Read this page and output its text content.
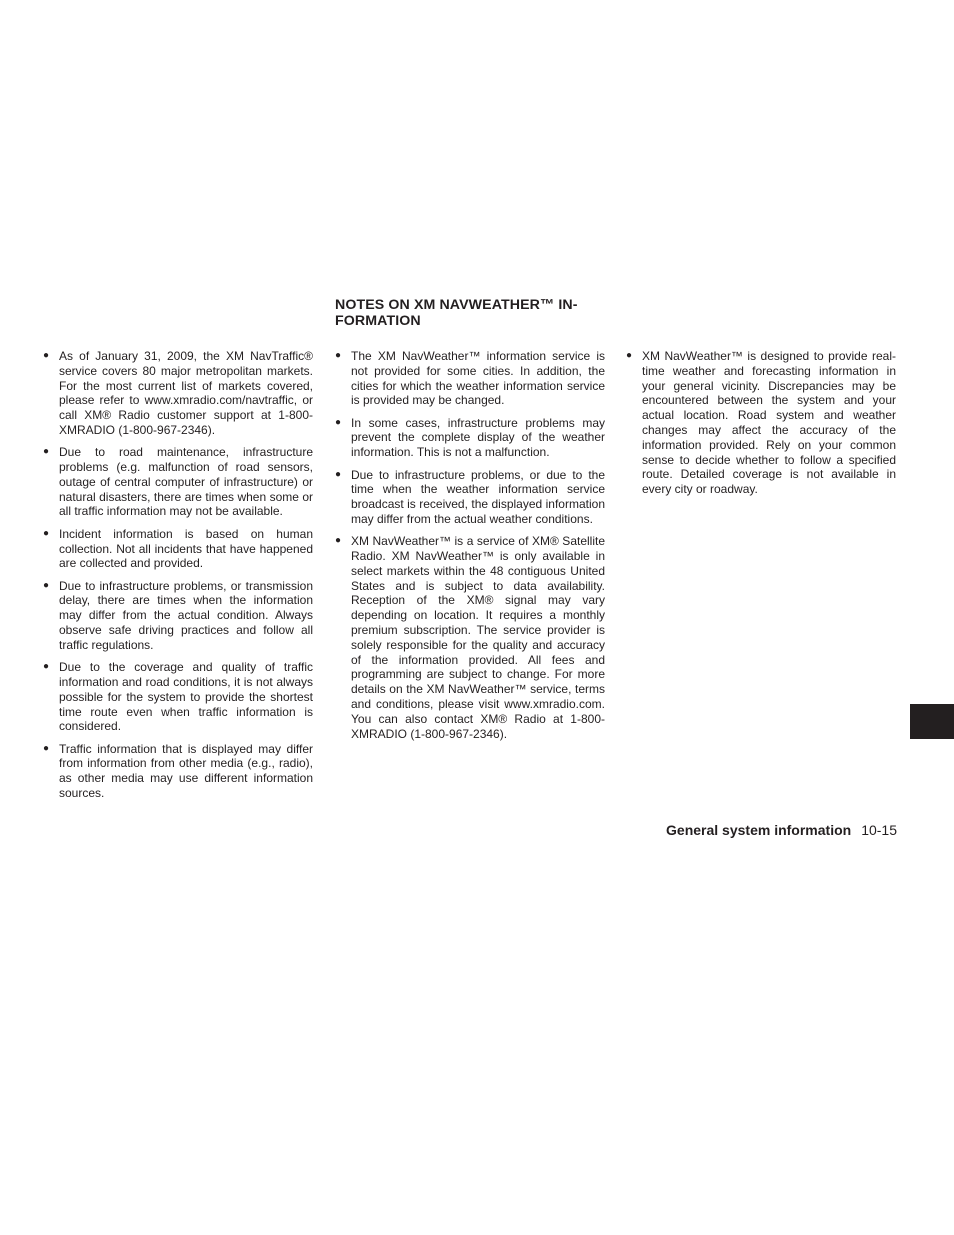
NOTES ON XM NAVWEATHER™ IN-
FORMATION
● As of January 31, 2009, the XM NavTraffic® service covers 80 major metropolitan markets. For the most current list of markets covered, please refer to www.xmradio.com/navtraffic, or call XM® Radio customer support at 1-800-XMRADIO (1-800-967-2346).
● Due to road maintenance, infrastructure problems (e.g. malfunction of road sensors, outage of central computer of infrastructure) or natural disasters, there are times when some or all traffic information may not be available.
● Incident information is based on human collection. Not all incidents that have happened are collected and provided.
● Due to infrastructure problems, or transmission delay, there are times when the information may differ from the actual condition. Always observe safe driving practices and follow all traffic regulations.
● Due to the coverage and quality of traffic information and road conditions, it is not always possible for the system to provide the shortest time route even when traffic information is considered.
● Traffic information that is displayed may differ from information from other media (e.g., radio), as other media may use different information sources.
● The XM NavWeather™ information service is not provided for some cities. In addition, the cities for which the weather information service is provided may be changed.
● In some cases, infrastructure problems may prevent the complete display of the weather information. This is not a malfunction.
● Due to infrastructure problems, or due to the time when the weather information service broadcast is received, the displayed information may differ from the actual weather conditions.
● XM NavWeather™ is a service of XM® Satellite Radio. XM NavWeather™ is only available in select markets within the 48 contiguous United States and is subject to data availability. Reception of the XM® signal may vary depending on location. It requires a monthly premium subscription. The service provider is solely responsible for the quality and accuracy of the information provided. All fees and programming are subject to change. For more details on the XM NavWeather™ service, terms and conditions, please visit www.xmradio.com. You can also contact XM® Radio at 1-800-XMRADIO (1-800-967-2346).
● XM NavWeather™ is designed to provide real-time weather and forecasting information in your general vicinity. Discrepancies may be encountered between the system and your actual location. Road system and weather changes may affect the accuracy of the information provided. Rely on your common sense to decide whether to follow a specified route. Detailed coverage is not available in every city or roadway.
General system information 10-15
